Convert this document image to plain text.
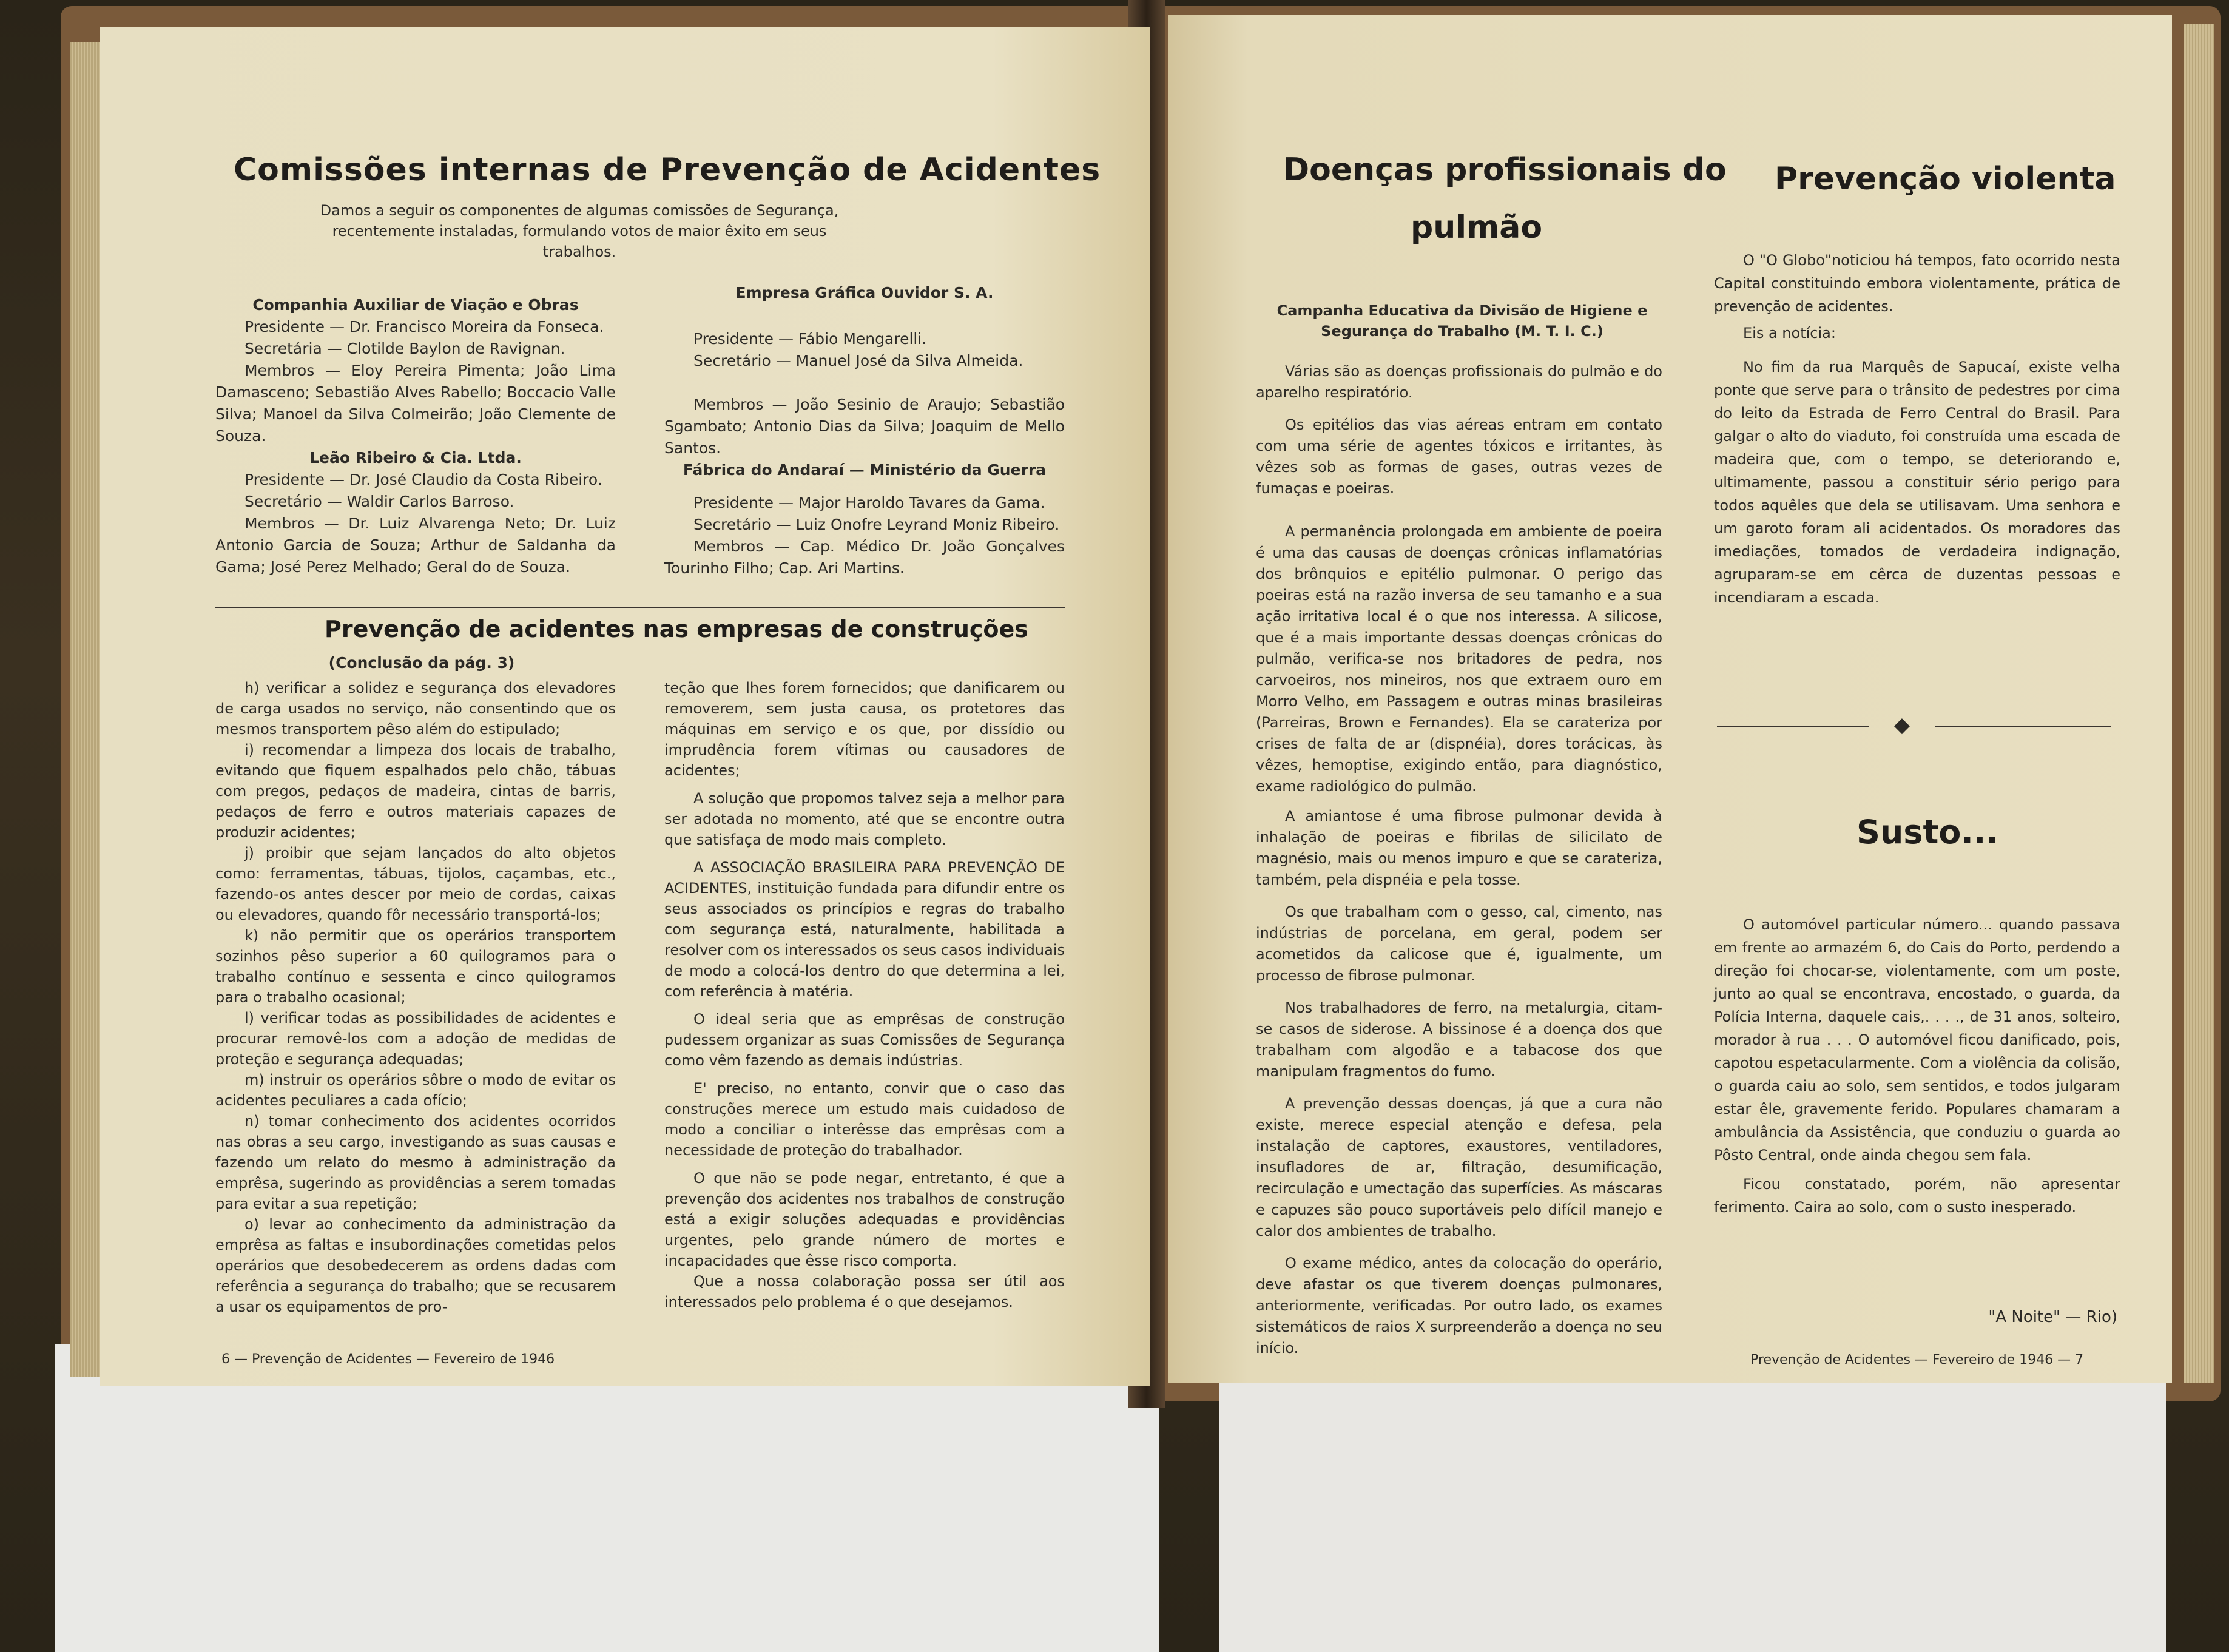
Comissões internas de Prevenção de Acidentes
Damos a seguir os componentes de algumas comissões de Segurança, recentemente instaladas, formulando votos de maior êxito em seus trabalhos.

Companhia Auxiliar de Viação e Obras

Presidente — Dr. Francisco Moreira da Fonseca.

Secretária — Clotilde Baylon de Ravignan.

Membros — Eloy Pereira Pimenta; João Lima Damasceno; Sebastião Alves Rabello; Boccacio Valle Silva; Manoel da Silva Colmeirão; João Clemente de Souza.

Leão Ribeiro & Cia. Ltda.

Presidente — Dr. José Claudio da Costa Ribeiro.

Secretário — Waldir Carlos Barroso.

Membros — Dr. Luiz Alvarenga Neto; Dr. Luiz Antonio Garcia de Souza; Arthur de Saldanha da Gama; José Perez Melhado; Geral do de Souza.

Empresa Gráfica Ouvidor S. A.

Presidente — Fábio Mengarelli.

Secretário — Manuel José da Silva Almeida.

Membros — João Sesinio de Araujo; Sebastião Sgambato; Antonio Dias da Silva; Joaquim de Mello Santos.

Fábrica do Andaraí — Ministério da Guerra

Presidente — Major Haroldo Tavares da Gama.

Secretário — Luiz Onofre Leyrand Moniz Ribeiro.

Membros — Cap. Médico Dr. João Gonçalves Tourinho Filho; Cap. Ari Martins.

Prevenção de acidentes nas empresas de construções
(Conclusão da pág. 3)

h) verificar a solidez e segurança dos elevadores de carga usados no serviço, não consentindo que os mesmos transportem pêso além do estipulado;

i) recomendar a limpeza dos locais de trabalho, evitando que fiquem espalhados pelo chão, tábuas com pregos, pedaços de madeira, cintas de barris, pedaços de ferro e outros materiais capazes de produzir acidentes;

j) proibir que sejam lançados do alto objetos como: ferramentas, tábuas, tijolos, caçambas, etc., fazendo-os antes descer por meio de cordas, caixas ou elevadores, quando fôr necessário transportá-los;

k) não permitir que os operários transportem sozinhos pêso superior a 60 quilogramos para o trabalho contínuo e sessenta e cinco quilogramos para o trabalho ocasional;

l) verificar todas as possibilidades de acidentes e procurar removê-los com a adoção de medidas de proteção e segurança adequadas;

m) instruir os operários sôbre o modo de evitar os acidentes peculiares a cada ofício;

n) tomar conhecimento dos acidentes ocorridos nas obras a seu cargo, investigando as suas causas e fazendo um relato do mesmo à administração da emprêsa, sugerindo as providências a serem tomadas para evitar a sua repetição;

o) levar ao conhecimento da administração da emprêsa as faltas e insubordinações cometidas pelos operários que desobedecerem as ordens dadas com referência a segurança do trabalho; que se recusarem a usar os equipamentos de pro-

teção que lhes forem fornecidos; que danificarem ou removerem, sem justa causa, os protetores das máquinas em serviço e os que, por dissídio ou imprudência forem vítimas ou causadores de acidentes;

A solução que propomos talvez seja a melhor para ser adotada no momento, até que se encontre outra que satisfaça de modo mais completo.

A ASSOCIAÇÃO BRASILEIRA PARA PREVENÇÃO DE ACIDENTES, instituição fundada para difundir entre os seus associados os princípios e regras do trabalho com segurança está, naturalmente, habilitada a resolver com os interessados os seus casos individuais de modo a colocá-los dentro do que determina a lei, com referência à matéria.

O ideal seria que as emprêsas de construção pudessem organizar as suas Comissões de Segurança como vêm fazendo as demais indústrias.

E' preciso, no entanto, convir que o caso das construções merece um estudo mais cuidadoso de modo a conciliar o interêsse das emprêsas com a necessidade de proteção do trabalhador.

O que não se pode negar, entretanto, é que a prevenção dos acidentes nos trabalhos de construção está a exigir soluções adequadas e providências urgentes, pelo grande número de mortes e incapacidades que êsse risco comporta.

Que a nossa colaboração possa ser útil aos interessados pelo problema é o que desejamos.

6 — Prevenção de Acidentes — Fevereiro de 1946
Doenças profissionais do
pulmão
Campanha Educativa da Divisão de Higiene e Segurança do Trabalho (M. T. I. C.)

Várias são as doenças profissionais do pulmão e do aparelho respiratório.

Os epitélios das vias aéreas entram em contato com uma série de agentes tóxicos e irritantes, às vêzes sob as formas de gases, outras vezes de fumaças e poeiras.

A permanência prolongada em ambiente de poeira é uma das causas de doenças crônicas inflamatórias dos brônquios e epitélio pulmonar. O perigo das poeiras está na razão inversa de seu tamanho e a sua ação irritativa local é o que nos interessa. A silicose, que é a mais importante dessas doenças crônicas do pulmão, verifica-se nos britadores de pedra, nos carvoeiros, nos mineiros, nos que extraem ouro em Morro Velho, em Passagem e outras minas brasileiras (Parreiras, Brown e Fernandes). Ela se carateriza por crises de falta de ar (dispnéia), dores torácicas, às vêzes, hemoptise, exigindo então, para diagnóstico, exame radiológico do pulmão.

A amiantose é uma fibrose pulmonar devida à inhalação de poeiras e fibrilas de silicilato de magnésio, mais ou menos impuro e que se carateriza, também, pela dispnéia e pela tosse.

Os que trabalham com o gesso, cal, cimento, nas indústrias de porcelana, em geral, podem ser acometidos da calicose que é, igualmente, um processo de fibrose pulmonar.

Nos trabalhadores de ferro, na metalurgia, citam-se casos de siderose. A bissinose é a doença dos que trabalham com algodão e a tabacose dos que manipulam fragmentos do fumo.

A prevenção dessas doenças, já que a cura não existe, merece especial atenção e defesa, pela instalação de captores, exaustores, ventiladores, insufladores de ar, filtração, desumificação, recirculação e umectação das superfícies. As máscaras e capuzes são pouco suportáveis pelo difícil manejo e calor dos ambientes de trabalho.

O exame médico, antes da colocação do operário, deve afastar os que tiverem doenças pulmonares, anteriormente, verificadas. Por outro lado, os exames sistemáticos de raios X surpreenderão a doença no seu início.

Prevenção violenta

O "O Globo"noticiou há tempos, fato ocorrido nesta Capital constituindo embora violentamente, prática de prevenção de acidentes.

Eis a notícia:

No fim da rua Marquês de Sapucaí, existe velha ponte que serve para o trânsito de pedestres por cima do leito da Estrada de Ferro Central do Brasil. Para galgar o alto do viaduto, foi construída uma escada de madeira que, com o tempo, se deteriorando e, ultimamente, passou a constituir sério perigo para todos aquêles que dela se utilisavam. Uma senhora e um garoto foram ali acidentados. Os moradores das imediações, tomados de verdadeira indignação, agruparam-se em cêrca de duzentas pessoas e incendiaram a escada.

◆
Susto...

O automóvel particular número... quando passava em frente ao armazém 6, do Cais do Porto, perdendo a direção foi chocar-se, violentamente, com um poste, junto ao qual se encontrava, encostado, o guarda, da Polícia Interna, daquele cais,. . . ., de 31 anos, solteiro, morador à rua . . . O automóvel ficou danificado, pois, capotou espetacularmente. Com a violência da colisão, o guarda caiu ao solo, sem sentidos, e todos julgaram estar êle, gravemente ferido. Populares chamaram a ambulância da Assistência, que conduziu o guarda ao Pôsto Central, onde ainda chegou sem fala.

Ficou constatado, porém, não apresentar ferimento. Caira ao solo, com o susto inesperado.

"A Noite" — Rio)
Prevenção de Acidentes — Fevereiro de 1946 — 7
